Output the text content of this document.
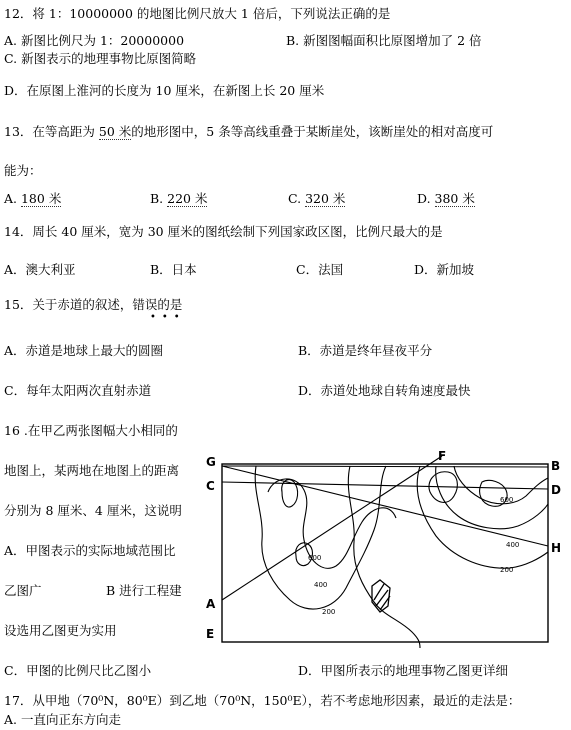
12．将 1：10000000 的地图比例尺放大 1 倍后，下列说法正确的是
A. 新图比例尺为 1：20000000	B. 新图图幅面积比原图增加了 2 倍
C. 新图表示的地理事物比原图简略
D．在原图上淮河的长度为 10 厘米，在新图上长 20 厘米
13．在等高距为 50 米的地形图中，5 条等高线重叠于某断崖处，该断崖处的相对高度可
能为：
A. 180 米	B. 220 米	C. 320 米	D. 380 米
14．周长 40 厘米，宽为 30 厘米的图纸绘制下列国家政区图，比例尺最大的是
A．澳大利亚	B．日本	C．法国	D．新加坡
15．关于赤道的叙述，错误的是
•••
A．赤道是地球上最大的圆圈	B．赤道是终年昼夜平分
C．每年太阳两次直射赤道	D．赤道处地球自转角速度最快
16 .在甲乙两张图幅大小相同的
地图上，某两地在地图上的距离
分别为 8 厘米、4 厘米，这说明
A．甲图表示的实际地域范围比
乙图广	B 进行工程建
设选用乙图更为实用
C．甲图的比例尺比乙图小	D．甲图所表示的地理事物乙图更详细
G
C
A
E
F
B
D
H
600
600
400
400
200
200
17．从甲地（70⁰N，80⁰E）到乙地（70⁰N，150⁰E），若不考虑地形因素，最近的走法是：
A. 一直向正东方向走
